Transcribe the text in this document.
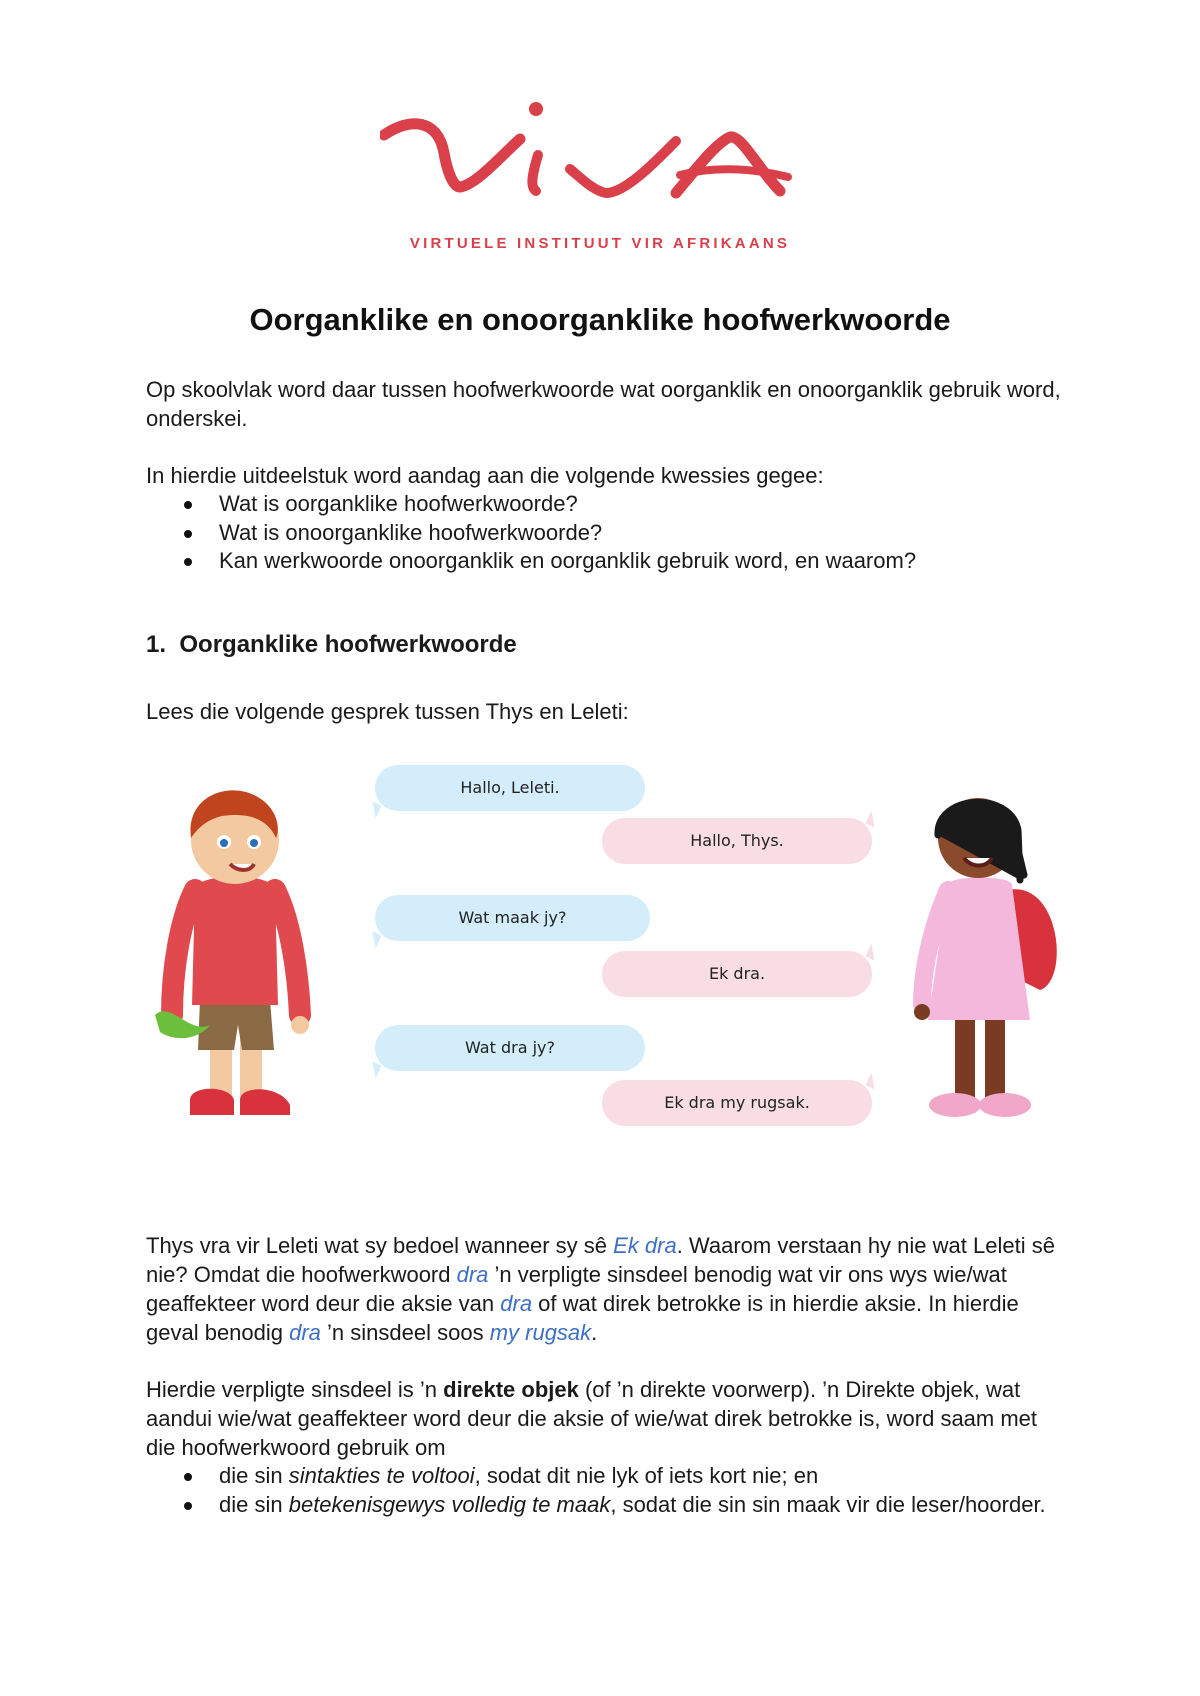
VIRTUELE INSTITUUT VIR AFRIKAANS
Oorganklike en onoorganklike hoofwerkwoorde

Op skoolvlak word daar tussen hoofwerkwoorde wat oorganklik en onoorganklik gebruik word, onderskei.

In hierdie uitdeelstuk word aandag aan die volgende kwessies gegee:

Wat is oorganklike hoofwerkwoorde?
Wat is onoorganklike hoofwerkwoorde?
Kan werkwoorde onoorganklik en oorganklik gebruik word, en waarom?
1. Oorganklike hoofwerkwoorde

Lees die volgende gesprek tussen Thys en Leleti:

Hallo, Leleti.
Hallo, Thys.
Wat maak jy?
Ek dra.
Wat dra jy?
Ek dra my rugsak.

Thys vra vir Leleti wat sy bedoel wanneer sy sê Ek dra. Waarom verstaan hy nie wat Leleti sê nie? Omdat die hoofwerkwoord dra ’n verpligte sinsdeel benodig wat vir ons wys wie/wat geaffekteer word deur die aksie van dra of wat direk betrokke is in hierdie aksie. In hierdie geval benodig dra ’n sinsdeel soos my rugsak.

Hierdie verpligte sinsdeel is ’n direkte objek (of ’n direkte voorwerp). ’n Direkte objek, wat aandui wie/wat geaffekteer word deur die aksie of wie/wat direk betrokke is, word saam met die hoofwerkwoord gebruik om

die sin sintakties te voltooi, sodat dit nie lyk of iets kort nie; en
die sin betekenisgewys volledig te maak, sodat die sin sin maak vir die leser/hoorder.
